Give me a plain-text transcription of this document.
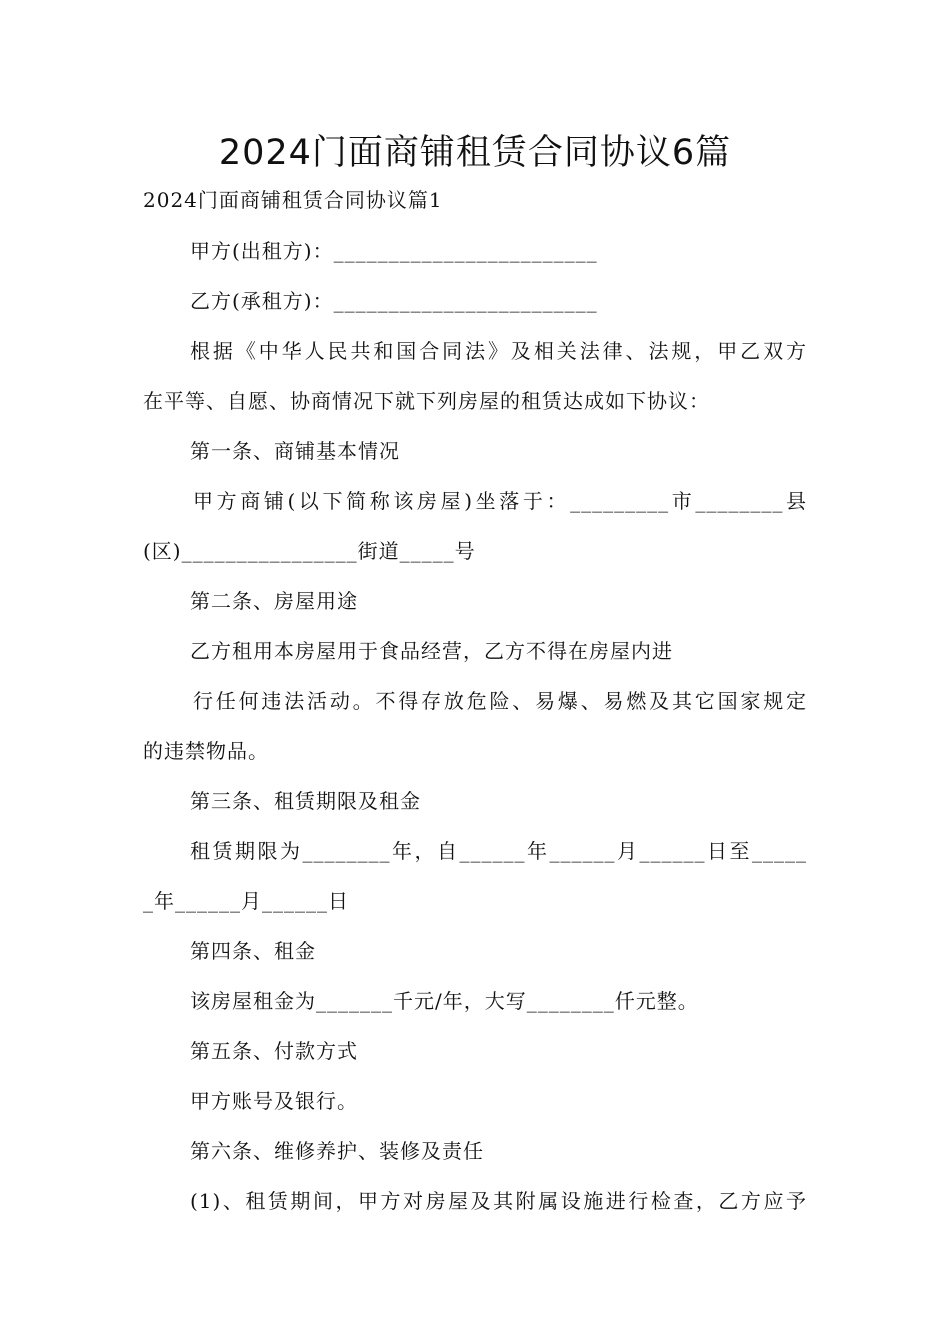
2024门面商铺租赁合同协议6篇
2024门面商铺租赁合同协议篇1
甲方(出租方)：________________________
乙方(承租方)：________________________
根据《中华人民共和国合同法》及相关法律、法规，甲乙双方
在平等、自愿、协商情况下就下列房屋的租赁达成如下协议：
第一条、商铺基本情况
甲方商铺(以下简称该房屋)坐落于：_________市________县
(区)________________街道_____号
第二条、房屋用途
乙方租用本房屋用于食品经营，乙方不得在房屋内进
行任何违法活动。不得存放危险、易爆、易燃及其它国家规定
的违禁物品。
第三条、租赁期限及租金
租赁期限为________年，自______年______月______日至_____
_年______月______日
第四条、租金
该房屋租金为_______千元/年，大写________仟元整。
第五条、付款方式
甲方账号及银行。
第六条、维修养护、装修及责任
(1)、租赁期间，甲方对房屋及其附属设施进行检查，乙方应予
